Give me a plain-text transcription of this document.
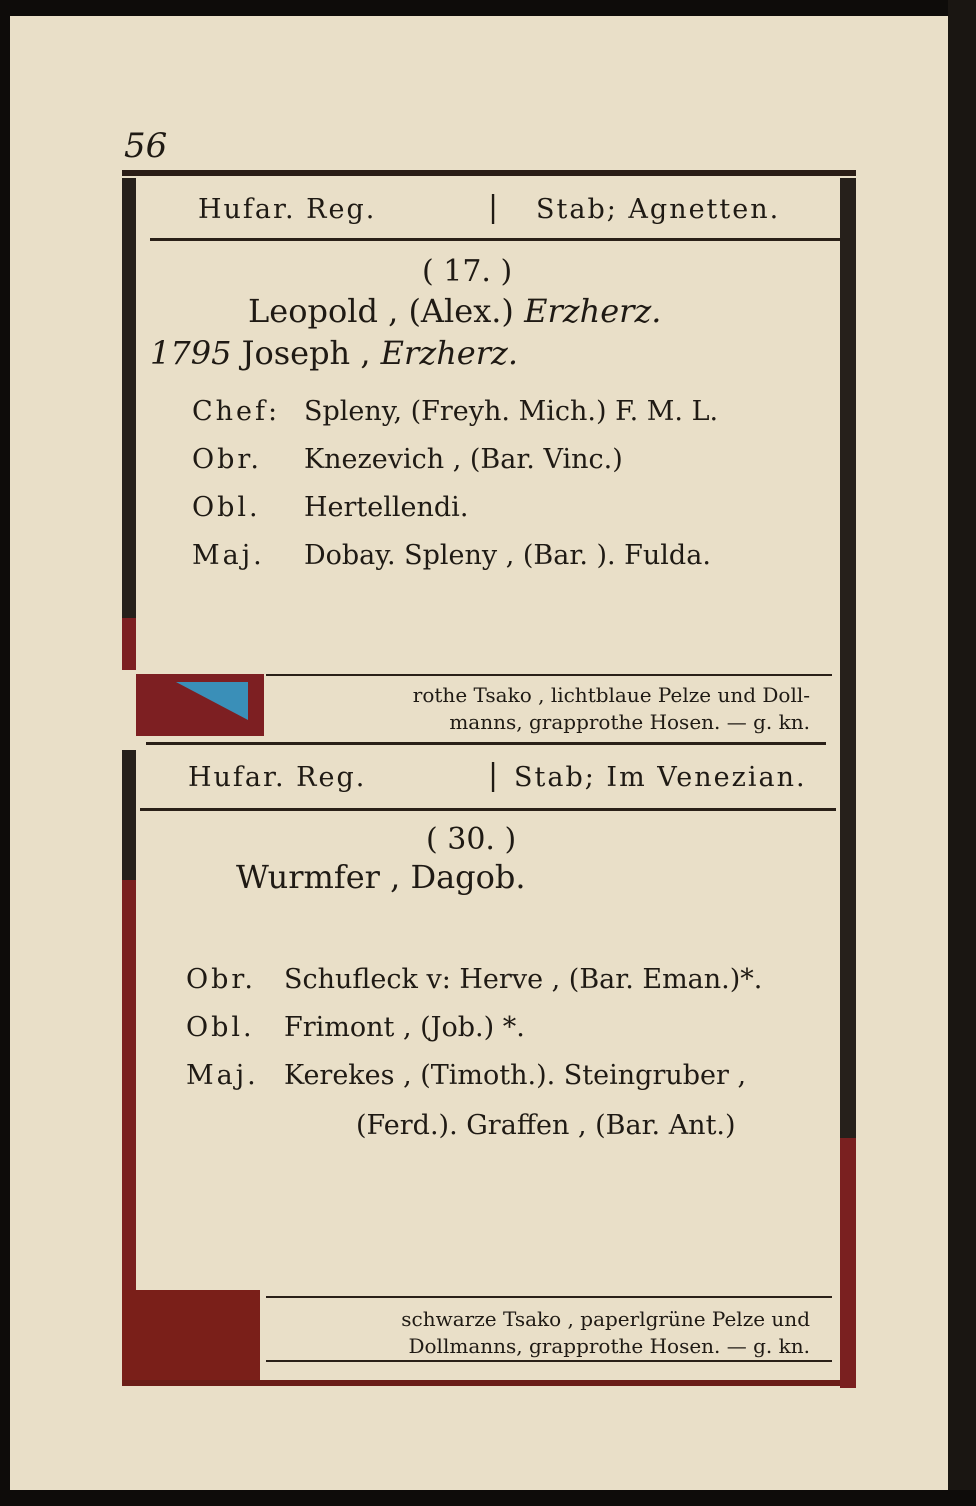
56
Hufar. Reg.	| Stab; Agnetten.
( 17. )
Leopold , (Alex.) Erzherz.
1795 Joseph , Erzherz.
Chef: Spleny, (Freyh. Mich.) F. M. L.
Obr. Knezevich , (Bar. Vinc.)
Obl. Hertellendi.
Maj. Dobay. Spleny , (Bar. ). Fulda.
rothe Tsako , lichtblaue Pelze und Doll-
manns, grapprothe Hosen. — g. kn.
Hufar. Reg.	| Stab; Im Venezian.
( 30. )
Wurmfer , Dagob.
Obr. Schufleck v: Herve , (Bar. Eman.)*.
Obl. Frimont , (Job.) *.
Maj. Kerekes , (Timoth.). Steingruber ,
(Ferd.). Graffen , (Bar. Ant.)
schwarze Tsako , paperlgrüne Pelze und
Dollmanns, grapprothe Hosen. — g. kn.
